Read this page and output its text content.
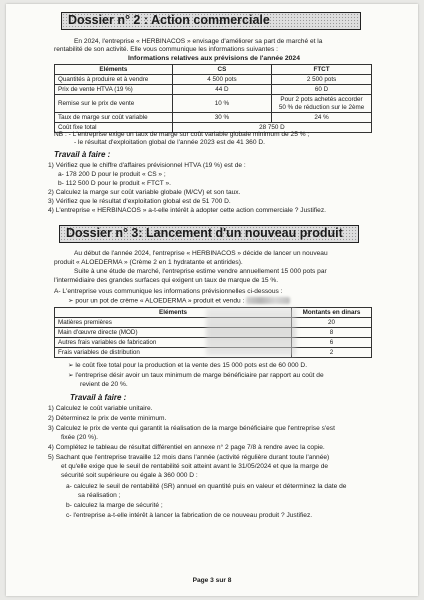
Dossier n° 2 : Action commerciale
En 2024, l'entreprise « HERBINACOS » envisage d'améliorer sa part de marché et la
rentabilité de son activité. Elle vous communique les informations suivantes :
Informations relatives aux prévisions de l'année 2024
Eléments	CS	FTCT
Quantités à produire et à vendre	4 500 pots	2 500 pots
Prix de vente HTVA (19 %)	44 D	60 D
Remise sur le prix de vente	10 %	Pour 2 pots achetés accorder
50 % de réduction sur le 2ème

Taux de marge sur coût variable	30 %	24 %
Coût fixe total	28 750 D	
NB : - L'entreprise exige un taux de marge sur coût variable globale minimum de 25 % ;
- le résultat d'exploitation global de l'année 2023 est de 41 360 D.
Travail à faire :
1) Vérifiez que le chiffre d'affaires prévisionnel HTVA (19 %) est de :
a- 178 200 D pour le produit « CS » ;
b- 112 500 D pour le produit « FTCT ».
2) Calculez la marge sur coût variable globale (M/CV) et son taux.
3) Vérifiez que le résultat d'exploitation global est de 51 700 D.
4) L'entreprise « HERBINACOS » a-t-elle intérêt à adopter cette action commerciale ? Justifiez.
Dossier n° 3: Lancement d'un nouveau produit
Au début de l'année 2024, l'entreprise « HERBINACOS » décide de lancer un nouveau
produit « ALOEDERMA » (Crème 2 en 1 hydratante et antirides).
Suite à une étude de marché, l'entreprise estime vendre annuellement 15 000 pots par
l'intermédiaire des grandes surfaces qui exigent un taux de marque de 15 %.
A- L'entreprise vous communique les informations prévisionnelles ci-dessous :
➢ pour un pot de crème « ALOEDERMA » produit et vendu :
Eléments	Montants en dinars
Matières premières	20
Main d'œuvre directe (MOD)	8
Autres frais variables de fabrication	6
Frais variables de distribution	2
➢ le coût fixe total pour la production et la vente des 15 000 pots est de 60 000 D.
➢ l'entreprise désir avoir un taux minimum de marge bénéficiaire par rapport au coût de
revient de 20 %.
Travail à faire :
1) Calculez le coût variable unitaire.
2) Déterminez le prix de vente minimum.
3) Calculez le prix de vente qui garantit la réalisation de la marge bénéficiaire que l'entreprise s'est
fixée (20 %).
4) Complétez le tableau de résultat différentiel en annexe n° 2 page 7/8 à rendre avec la copie.
5) Sachant que l'entreprise travaille 12 mois dans l'année (activité régulière durant toute l'année)
et qu'elle exige que le seuil de rentabilité soit atteint avant le 31/05/2024 et que la marge de
sécurité soit supérieure ou égale à 360 000 D :
a- calculez le seuil de rentabilité (SR) annuel en quantité puis en valeur et déterminez la date de
sa réalisation ;
b- calculez la marge de sécurité ;
c- l'entreprise a-t-elle intérêt à lancer la fabrication de ce nouveau produit ? Justifiez.
Page 3 sur 8
